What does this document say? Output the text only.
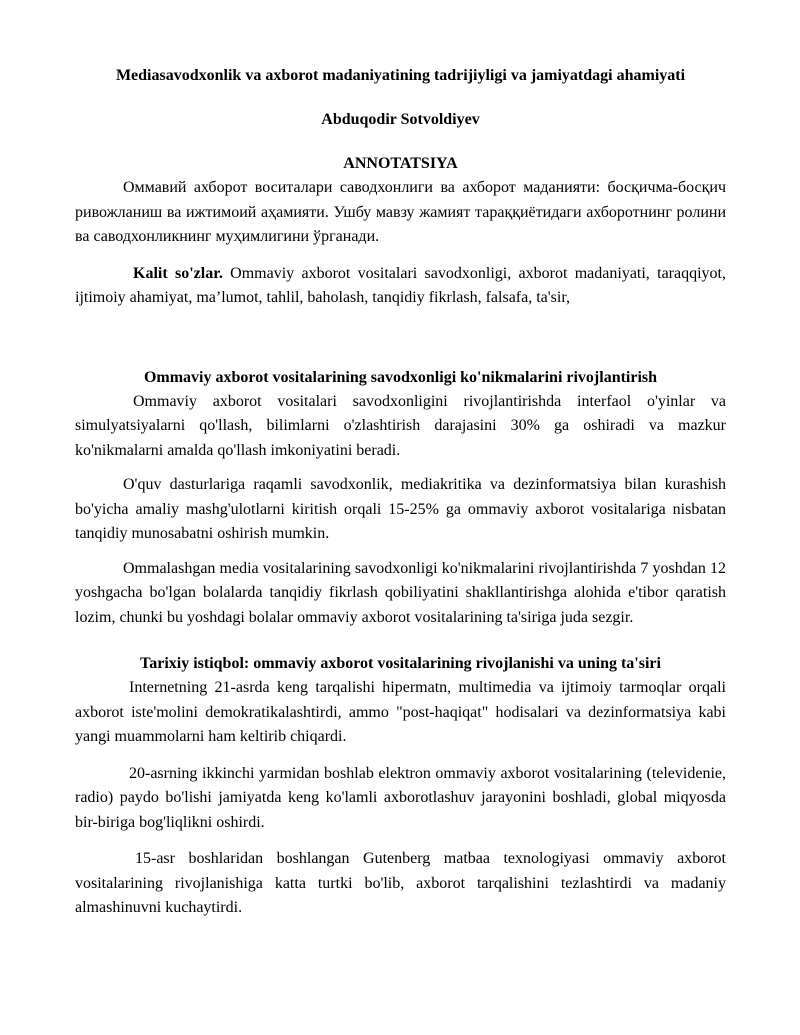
Mediasavodxonlik va axborot madaniyatining tadrijiyligi va jamiyatdagi ahamiyati
Abduqodir Sotvoldiyev
ANNOTATSIYA

Оммавий ахборот воситалари саводхонлиги ва ахборот маданияти: босқичма-босқич ривожланиш ва ижтимоий аҳамияти. Ушбу мавзу жамият тараққиётидаги ахборотнинг ролини ва саводхонликнинг муҳимлигини ўрганади.

Kalit so'zlar. Ommaviy axborot vositalari savodxonligi, axborot madaniyati, taraqqiyot, ijtimoiy ahamiyat, ma’lumot, tahlil, baholash, tanqidiy fikrlash, falsafa, ta'sir,

Ommaviy axborot vositalarining savodxonligi ko'nikmalarini rivojlantirish

Ommaviy axborot vositalari savodxonligini rivojlantirishda interfaol o'yinlar va simulyatsiyalarni qo'llash, bilimlarni o'zlashtirish darajasini 30% ga oshiradi va mazkur ko'nikmalarni amalda qo'llash imkoniyatini beradi.

O'quv dasturlariga raqamli savodxonlik, mediakritika va dezinformatsiya bilan kurashish bo'yicha amaliy mashg'ulotlarni kiritish orqali 15-25% ga ommaviy axborot vositalariga nisbatan tanqidiy munosabatni oshirish mumkin.

Ommalashgan media vositalarining savodxonligi ko'nikmalarini rivojlantirishda 7 yoshdan 12 yoshgacha bo'lgan bolalarda tanqidiy fikrlash qobiliyatini shakllantirishga alohida e'tibor qaratish lozim, chunki bu yoshdagi bolalar ommaviy axborot vositalarining ta'siriga juda sezgir.

Tarixiy istiqbol: ommaviy axborot vositalarining rivojlanishi va uning ta'siri

Internetning 21-asrda keng tarqalishi hipermatn, multimedia va ijtimoiy tarmoqlar orqali axborot iste'molini demokratikalashtirdi, ammo "post-haqiqat" hodisalari va dezinformatsiya kabi yangi muammolarni ham keltirib chiqardi.

20-asrning ikkinchi yarmidan boshlab elektron ommaviy axborot vositalarining (televidenie, radio) paydo bo'lishi jamiyatda keng ko'lamli axborotlashuv jarayonini boshladi, global miqyosda bir-biriga bog'liqlikni oshirdi.

15-asr boshlaridan boshlangan Gutenberg matbaa texnologiyasi ommaviy axborot vositalarining rivojlanishiga katta turtki bo'lib, axborot tarqalishini tezlashtirdi va madaniy almashinuvni kuchaytirdi.
